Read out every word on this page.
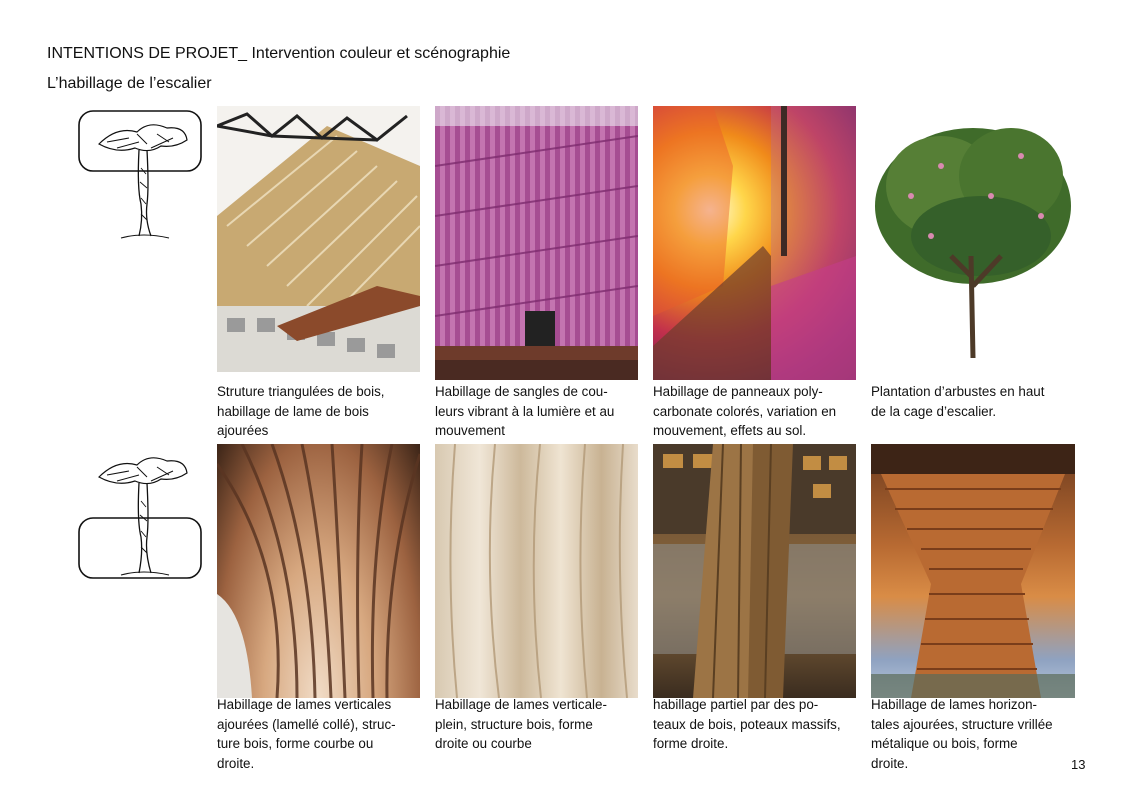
INTENTIONS DE PROJET_ Intervention couleur et scénographie
L’habillage de l’escalier
Struture triangulées de bois,
habillage de lame de bois
ajourées
Habillage de sangles de cou-
leurs vibrant à la lumière et au
mouvement
Habillage de panneaux poly-
carbonate colorés, variation en
mouvement, effets au sol.
Plantation d’arbustes en haut
de la cage d’escalier.
Habillage de lames verticales
ajourées (lamellé collé), struc-
ture bois, forme courbe ou
droite.
Habillage de lames verticale-
plein, structure bois, forme
droite ou courbe
habillage partiel par des po-
teaux de bois, poteaux massifs,
forme droite.
Habillage de lames horizon-
tales ajourées, structure vrillée
métalique ou bois, forme
droite.	13
